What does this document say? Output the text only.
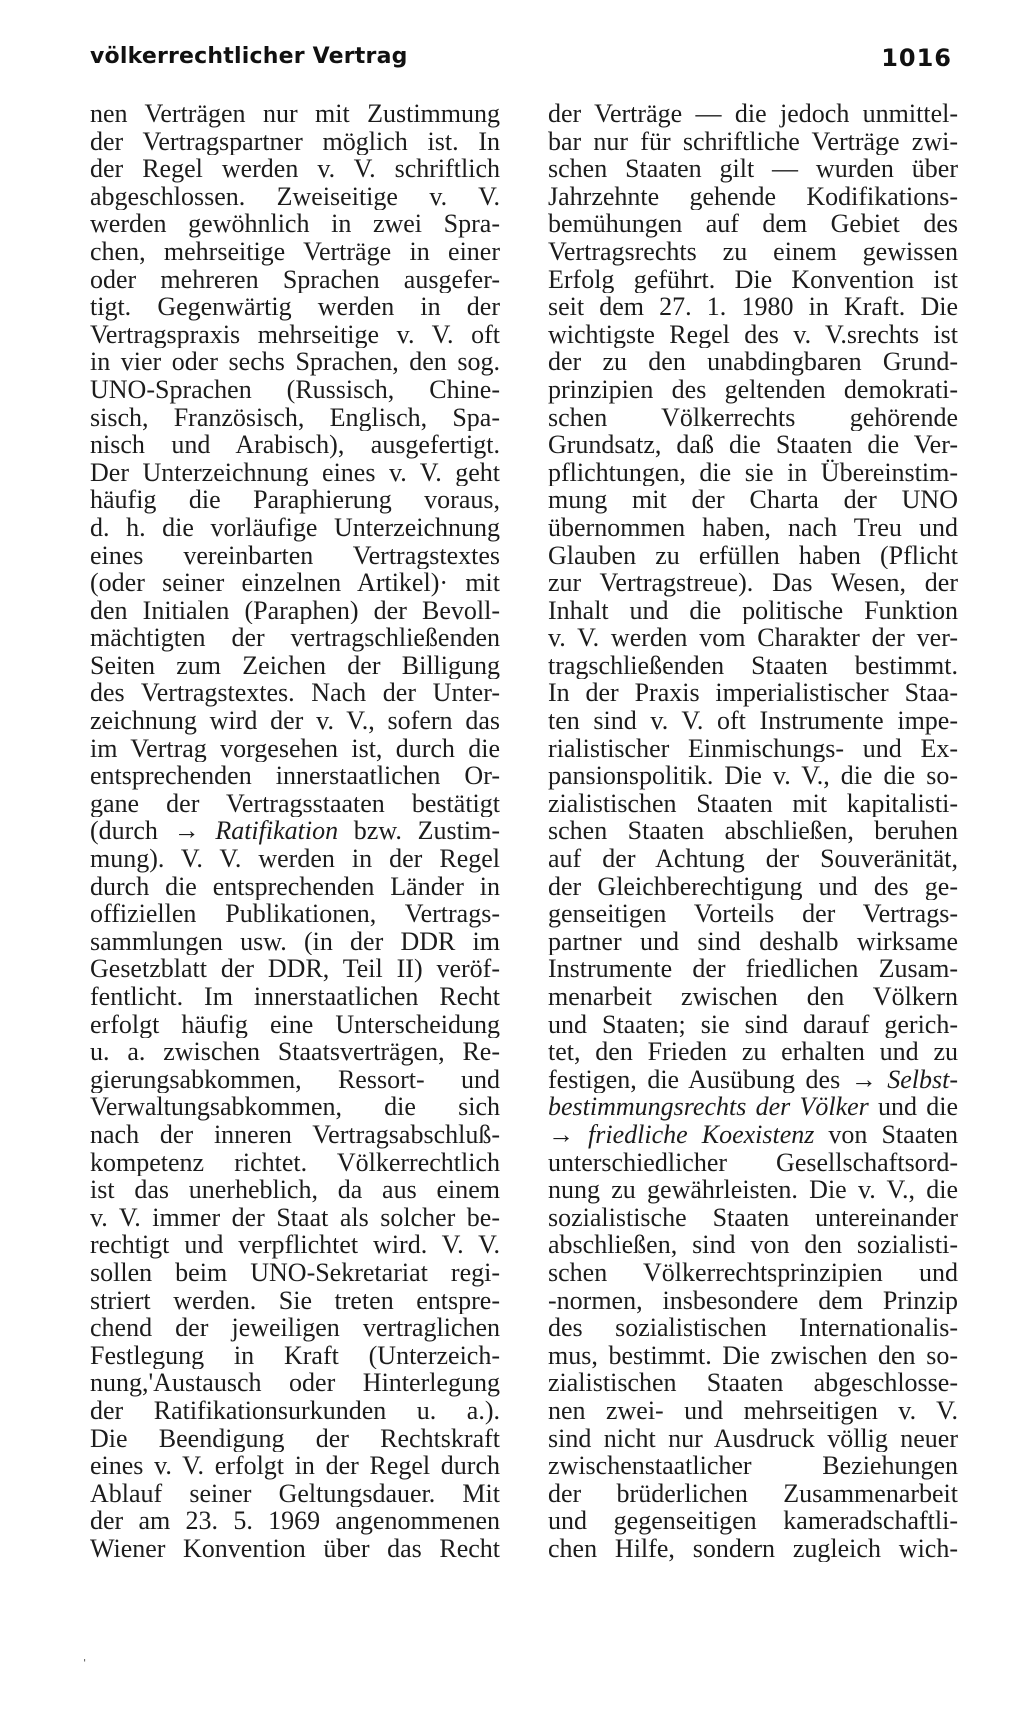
völkerrechtlicher Vertrag	1016
nen Verträgen nur mit Zustimmung
der Vertragspartner möglich ist. In
der Regel werden v. V. schriftlich
abgeschlossen. Zweiseitige v. V.
werden gewöhnlich in zwei Spra-
chen, mehrseitige Verträge in einer
oder mehreren Sprachen ausgefer-
tigt. Gegenwärtig werden in der
Vertragspraxis mehrseitige v. V. oft
in vier oder sechs Sprachen, den sog.
UNO-Sprachen (Russisch, Chine-
sisch, Französisch, Englisch, Spa-
nisch und Arabisch), ausgefertigt.
Der Unterzeichnung eines v. V. geht
häufig die Paraphierung voraus,
d. h. die vorläufige Unterzeichnung
eines vereinbarten Vertragstextes
(oder seiner einzelnen Artikel)· mit
den Initialen (Paraphen) der Bevoll-
mächtigten der vertragschließenden
Seiten zum Zeichen der Billigung
des Vertragstextes. Nach der Unter-
zeichnung wird der v. V., sofern das
im Vertrag vorgesehen ist, durch die
entsprechenden innerstaatlichen Or-
gane der Vertragsstaaten bestätigt
(durch → Ratifikation bzw. Zustim-
mung). V. V. werden in der Regel
durch die entsprechenden Länder in
offiziellen Publikationen, Vertrags-
sammlungen usw. (in der DDR im
Gesetzblatt der DDR, Teil II) veröf-
fentlicht. Im innerstaatlichen Recht
erfolgt häufig eine Unterscheidung
u. a. zwischen Staatsverträgen, Re-
gierungsabkommen, Ressort- und
Verwaltungsabkommen, die sich
nach der inneren Vertragsabschluß-
kompetenz richtet. Völkerrechtlich
ist das unerheblich, da aus einem
v. V. immer der Staat als solcher be-
rechtigt und verpflichtet wird. V. V.
sollen beim UNO-Sekretariat regi-
striert werden. Sie treten entspre-
chend der jeweiligen vertraglichen
Festlegung in Kraft (Unterzeich-
nung,'Austausch oder Hinterlegung
der Ratifikationsurkunden u. a.).
Die Beendigung der Rechtskraft
eines v. V. erfolgt in der Regel durch
Ablauf seiner Geltungsdauer. Mit
der am 23. 5. 1969 angenommenen
Wiener Konvention über das Recht
der Verträge — die jedoch unmittel-
bar nur für schriftliche Verträge zwi-
schen Staaten gilt — wurden über
Jahrzehnte gehende Kodifikations-
bemühungen auf dem Gebiet des
Vertragsrechts zu einem gewissen
Erfolg geführt. Die Konvention ist
seit dem 27. 1. 1980 in Kraft. Die
wichtigste Regel des v. V.srechts ist
der zu den unabdingbaren Grund-
prinzipien des geltenden demokrati-
schen Völkerrechts gehörende
Grundsatz, daß die Staaten die Ver-
pflichtungen, die sie in Übereinstim-
mung mit der Charta der UNO
übernommen haben, nach Treu und
Glauben zu erfüllen haben (Pflicht
zur Vertragstreue). Das Wesen, der
Inhalt und die politische Funktion
v. V. werden vom Charakter der ver-
tragschließenden Staaten bestimmt.
In der Praxis imperialistischer Staa-
ten sind v. V. oft Instrumente impe-
rialistischer Einmischungs- und Ex-
pansionspolitik. Die v. V., die die so-
zialistischen Staaten mit kapitalisti-
schen Staaten abschließen, beruhen
auf der Achtung der Souveränität,
der Gleichberechtigung und des ge-
genseitigen Vorteils der Vertrags-
partner und sind deshalb wirksame
Instrumente der friedlichen Zusam-
menarbeit zwischen den Völkern
und Staaten; sie sind darauf gerich-
tet, den Frieden zu erhalten und zu
festigen, die Ausübung des → Selbst-
bestimmungsrechts der Völker und die
→ friedliche Koexistenz von Staaten
unterschiedlicher Gesellschaftsord-
nung zu gewährleisten. Die v. V., die
sozialistische Staaten untereinander
abschließen, sind von den sozialisti-
schen Völkerrechtsprinzipien und
-normen, insbesondere dem Prinzip
des sozialistischen Internationalis-
mus, bestimmt. Die zwischen den so-
zialistischen Staaten abgeschlosse-
nen zwei- und mehrseitigen v. V.
sind nicht nur Ausdruck völlig neuer
zwischenstaatlicher Beziehungen
der brüderlichen Zusammenarbeit
und gegenseitigen kameradschaftli-
chen Hilfe, sondern zugleich wich-
ˌ
